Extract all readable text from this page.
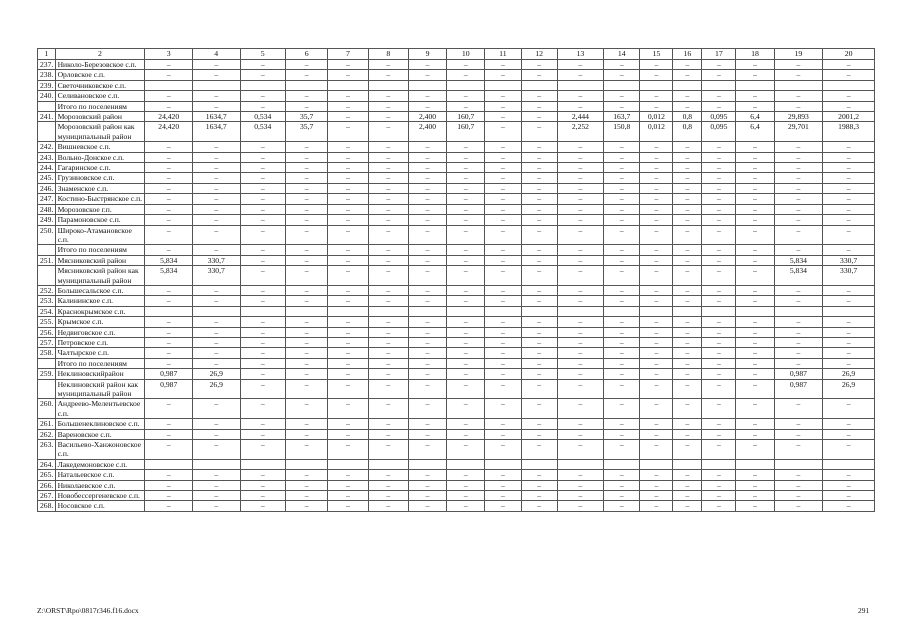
1	2	3	4	5	6	7	8	9	10	11	12	13	14	15	16	17	18	19	20
237.	Николо-Березовское с.п.	–	–	–	–	–	–	–	–	–	–	–	–	–	–	–	–	–	–
238.	Орловское с.п.	–	–	–	–	–	–	–	–	–	–	–	–	–	–	–	–	–	–
239.	Светочниковское с.п.																		
240.	Селивановское с.п.	–	–	–	–	–	–	–	–	–	–	–	–	–	–	–	–	–	–
	Итого по поселениям	–	–	–	–	–	–	–	–	–	–	–	–	–	–	–	–	–	–
241.	Морозовский район	24,420	1634,7	0,534	35,7	–	–	2,400	160,7	–	–	2,444	163,7	0,012	0,8	0,095	6,4	29,893	2001,2
	Морозовский район как муниципальный район	24,420	1634,7	0,534	35,7	–	–	2,400	160,7	–	–	2,252	150,8	0,012	0,8	0,095	6,4	29,701	1988,3
242.	Вишневское с.п.	–	–	–	–	–	–	–	–	–	–	–	–	–	–	–	–	–	–
243.	Вольно-Донское с.п.	–	–	–	–	–	–	–	–	–	–	–	–	–	–	–	–	–	–
244.	Гагаринское с.п.	–	–	–	–	–	–	–	–	–	–	–	–	–	–	–	–	–	–
245.	Грузиновское с.п.	–	–	–	–	–	–	–	–	–	–	–	–	–	–	–	–	–	–
246.	Знаменское с.п.	–	–	–	–	–	–	–	–	–	–	–	–	–	–	–	–	–	–
247.	Костино-Быстрянское с.п.	–	–	–	–	–	–	–	–	–	–	–	–	–	–	–	–	–	–
248.	Морозовское г.п.	–	–	–	–	–	–	–	–	–	–	–	–	–	–	–	–	–	–
249.	Парамоновское с.п.	–	–	–	–	–	–	–	–	–	–	–	–	–	–	–	–	–	–
250.	Широко-Атамановское с.п.	–	–	–	–	–	–	–	–	–	–	–	–	–	–	–	–	–	–
	Итого по поселениям	–	–	–	–	–	–	–	–	–	–	–	–	–	–	–	–	–	–
251.	Мясниковский район	5,834	330,7	–	–	–	–	–	–	–	–	–	–	–	–	–	–	5,834	330,7
	Мясниковский район как муниципальный район	5,834	330,7	–	–	–	–	–	–	–	–	–	–	–	–	–	–	5,834	330,7
252.	Большесальское с.п.	–	–	–	–	–	–	–	–	–	–	–	–	–	–	–	–	–	–
253.	Калининское с.п.	–	–	–	–	–	–	–	–	–	–	–	–	–	–	–	–	–	–
254.	Краснокрымское с.п.																		
255.	Крымское с.п.	–	–	–	–	–	–	–	–	–	–	–	–	–	–	–	–	–	–
256.	Недвиговское с.п.	–	–	–	–	–	–	–	–	–	–	–	–	–	–	–	–	–	–
257.	Петровское с.п.	–	–	–	–	–	–	–	–	–	–	–	–	–	–	–	–	–	–
258.	Чалтырское с.п.	–	–	–	–	–	–	–	–	–	–	–	–	–	–	–	–	–	–
	Итого по поселениям	–	–	–	–	–	–	–	–	–	–	–	–	–	–	–	–	–	–
259.	Неклиновскийрайон	0,987	26,9	–	–	–	–	–	–	–	–	–	–	–	–	–	–	0,987	26,9
	Неклиновский район как муниципальный район	0,987	26,9	–	–	–	–	–	–	–	–	–	–	–	–	–	–	0,987	26,9
260.	Андреево-Мелентьевское с.п.	–	–	–	–	–	–	–	–	–	–	–	–	–	–	–	–	–	–
261.	Большенеклиновское с.п.	–	–	–	–	–	–	–	–	–	–	–	–	–	–	–	–	–	–
262.	Вареновское с.п.	–	–	–	–	–	–	–	–	–	–	–	–	–	–	–	–	–	–
263.	Васильево-Ханжоновское с.п.	–	–	–	–	–	–	–	–	–	–	–	–	–	–	–	–	–	–
264.	Лакедемоновское с.п.																		
265.	Натальевское с.п.	–	–	–	–	–	–	–	–	–	–	–	–	–	–	–	–	–	–
266.	Николаевское с.п.	–	–	–	–	–	–	–	–	–	–	–	–	–	–	–	–	–	–
267.	Новобессергеневское с.п.	–	–	–	–	–	–	–	–	–	–	–	–	–	–	–	–	–	–
268.	Носовское с.п.	–	–	–	–	–	–	–	–	–	–	–	–	–	–	–	–	–	–
Z:\ORST\Rpo\0817r346.f16.docx	291
